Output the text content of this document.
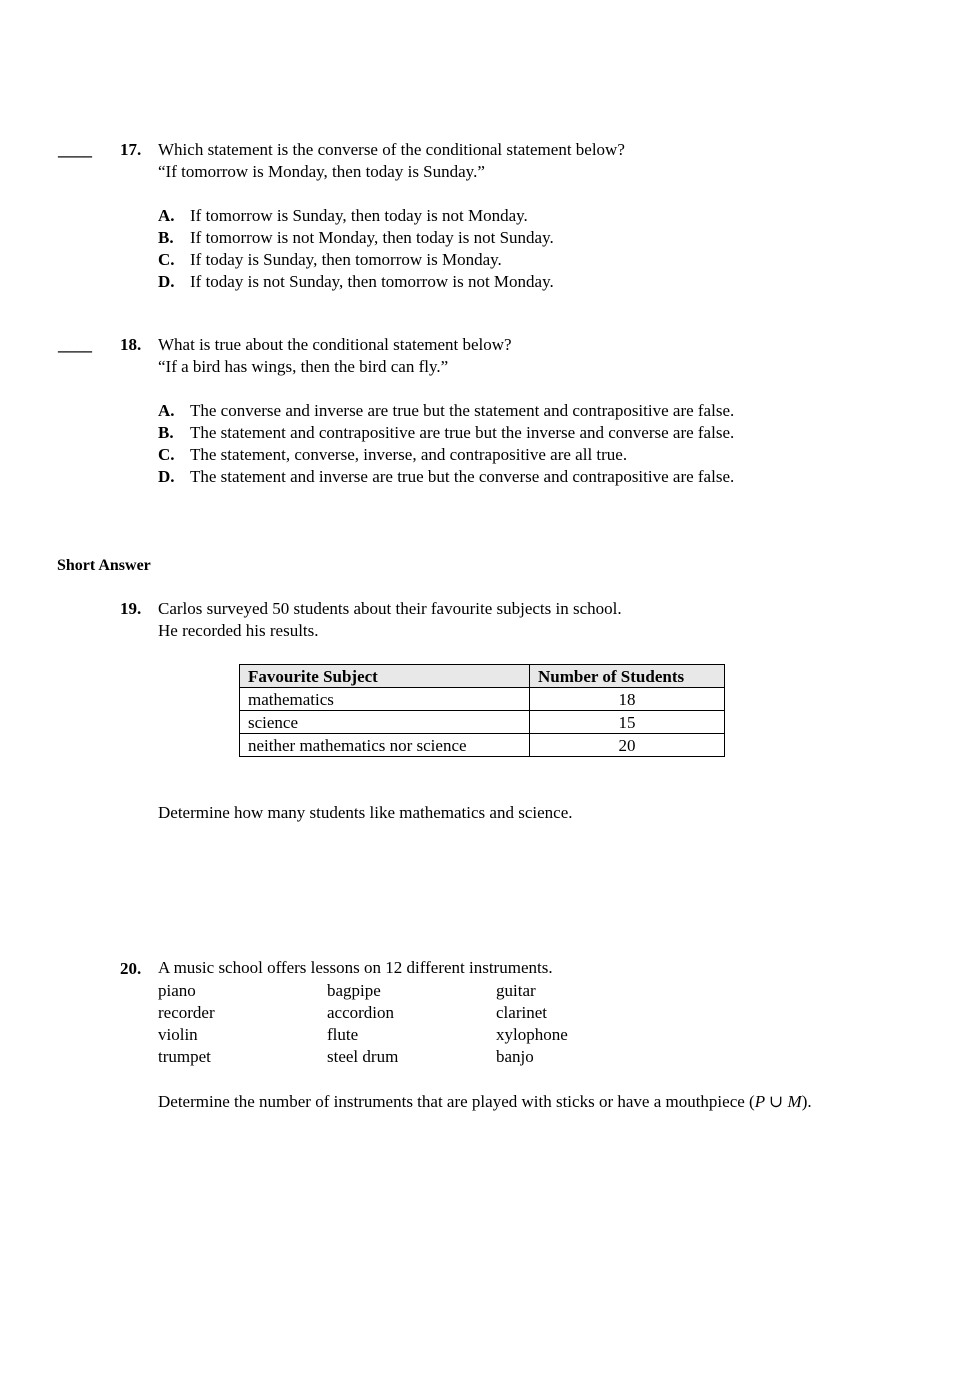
____ 17. Which statement is the converse of the conditional statement below?
“If tomorrow is Monday, then today is Sunday.”
A. If tomorrow is Sunday, then today is not Monday.
B. If tomorrow is not Monday, then today is not Sunday.
C. If today is Sunday, then tomorrow is Monday.
D. If today is not Sunday, then tomorrow is not Monday.
____ 18. What is true about the conditional statement below?
“If a bird has wings, then the bird can fly.”
A. The converse and inverse are true but the statement and contrapositive are false.
B. The statement and contrapositive are true but the inverse and converse are false.
C. The statement, converse, inverse, and contrapositive are all true.
D. The statement and inverse are true but the converse and contrapositive are false.
Short Answer
19. Carlos surveyed 50 students about their favourite subjects in school.
He recorded his results.
Favourite Subject	Number of Students
mathematics	18
science	15
neither mathematics nor science	20
Determine how many students like mathematics and science.
20. A music school offers lessons on 12 different instruments.
piano	bagpipe	guitar
recorder	accordion	clarinet
violin	flute	xylophone
trumpet	steel drum	banjo
Determine the number of instruments that are played with sticks or have a mouthpiece (P ∪ M).
